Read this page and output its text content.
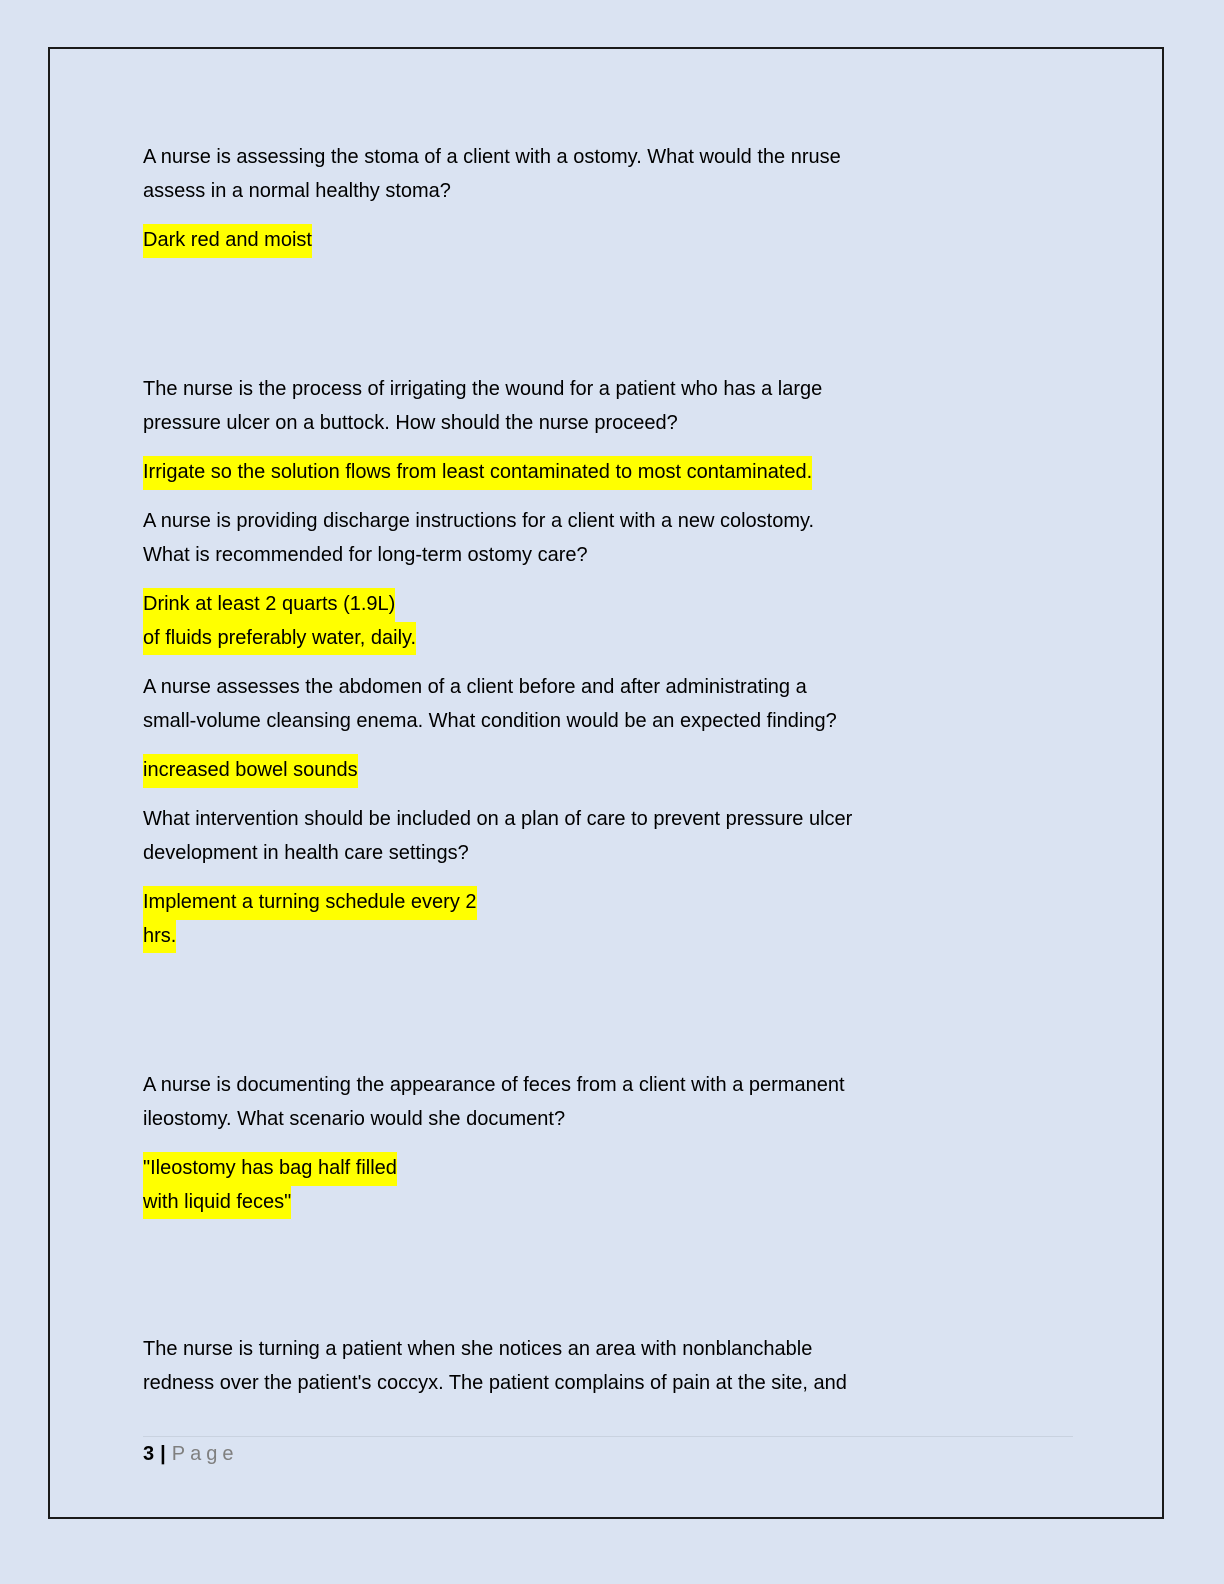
A nurse is assessing the stoma of a client with a ostomy. What would the nruse
assess in a normal healthy stoma?
Dark red and moist
The nurse is the process of irrigating the wound for a patient who has a large
pressure ulcer on a buttock. How should the nurse proceed?
Irrigate so the solution flows from least contaminated to most contaminated.
A nurse is providing discharge instructions for a client with a new colostomy.
What is recommended for long-term ostomy care?
Drink at least 2 quarts (1.9L)
of fluids preferably water, daily.
A nurse assesses the abdomen of a client before and after administrating a
small-volume cleansing enema. What condition would be an expected finding?
increased bowel sounds
What intervention should be included on a plan of care to prevent pressure ulcer
development in health care settings?
Implement a turning schedule every 2
hrs.
A nurse is documenting the appearance of feces from a client with a permanent
ileostomy. What scenario would she document?
"Ileostomy has bag half filled
with liquid feces"
The nurse is turning a patient when she notices an area with nonblanchable
redness over the patient's coccyx. The patient complains of pain at the site, and
3 | Page
